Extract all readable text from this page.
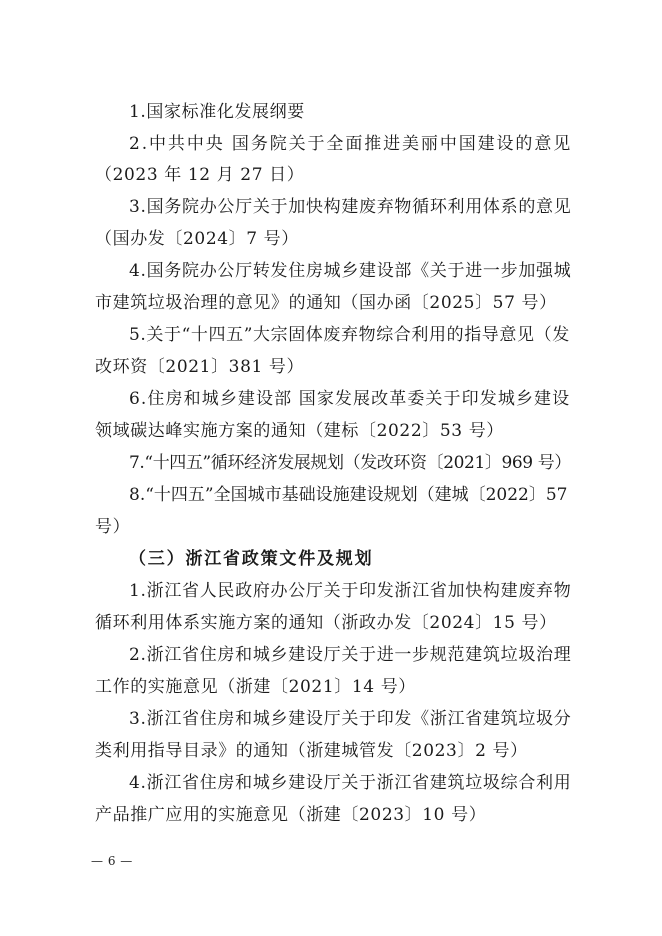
1.国家标准化发展纲要
2.中共中央 国务院关于全面推进美丽中国建设的意见
（2023 年 12 月 27 日）
3.国务院办公厅关于加快构建废弃物循环利用体系的意见
（国办发〔2024〕7 号）
4.国务院办公厅转发住房城乡建设部《关于进一步加强城
市建筑垃圾治理的意见》的通知（国办函〔2025〕57 号）
5.关于“十四五”大宗固体废弃物综合利用的指导意见（发
改环资〔2021〕381 号）
6.住房和城乡建设部 国家发展改革委关于印发城乡建设
领域碳达峰实施方案的通知（建标〔2022〕53 号）
7.“十四五”循环经济发展规划（发改环资〔2021〕969 号）
8.“十四五”全国城市基础设施建设规划（建城〔2022〕57
号）
（三）浙江省政策文件及规划
1.浙江省人民政府办公厅关于印发浙江省加快构建废弃物
循环利用体系实施方案的通知（浙政办发〔2024〕15 号）
2.浙江省住房和城乡建设厅关于进一步规范建筑垃圾治理
工作的实施意见（浙建〔2021〕14 号）
3.浙江省住房和城乡建设厅关于印发《浙江省建筑垃圾分
类利用指导目录》的通知（浙建城管发〔2023〕2 号）
4.浙江省住房和城乡建设厅关于浙江省建筑垃圾综合利用
产品推广应用的实施意见（浙建〔2023〕10 号）
— 6 —
